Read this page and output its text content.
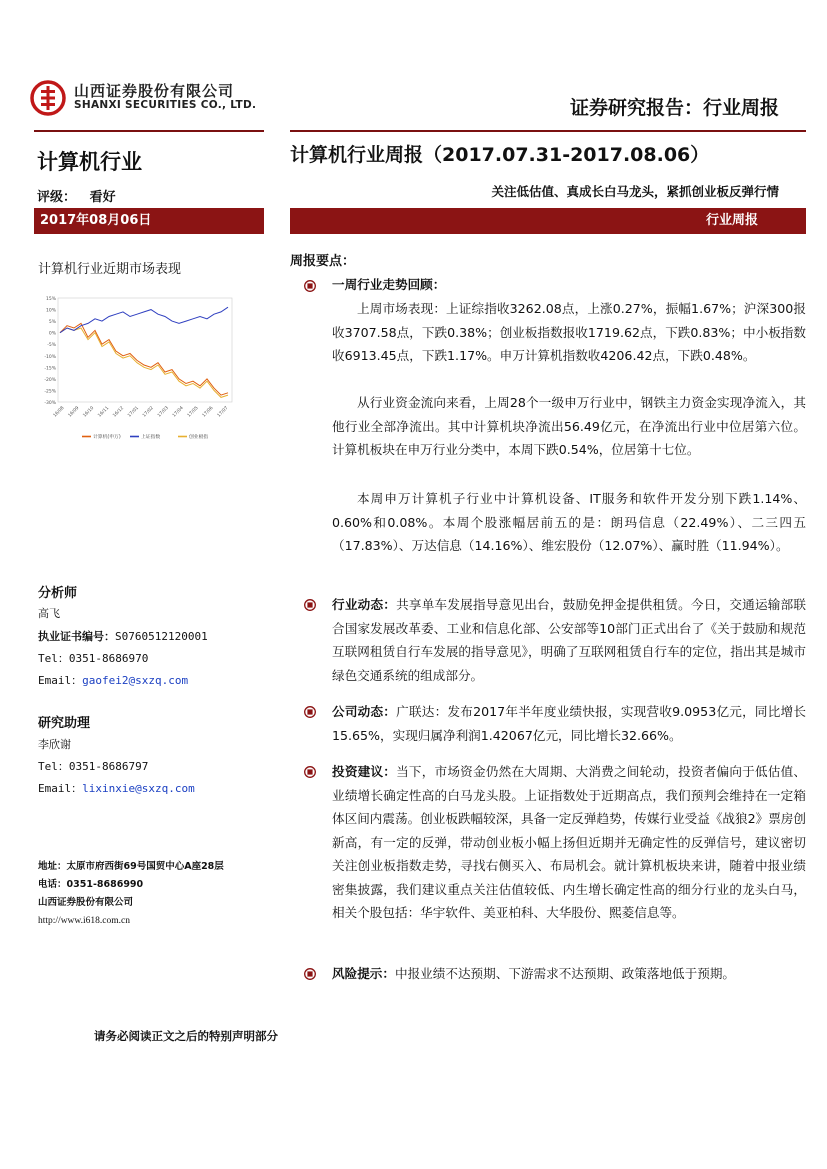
山西证券股份有限公司
SHANXI SECURITIES CO., LTD.	证券研究报告：行业周报
计算机行业
评级： 看好
2017年08月06日
计算机行业近期市场表现
15%
10%
5%
0%
-5%
-10%
-15%
-20%
-25%
-30%
16/08 16/09 16/10 16/11 16/12 17/01 17/02 17/03 17/04 17/05 17/06 17/07
计算机(申万)	上证指数	创业板指
分析师
高飞
执业证书编号：S0760512120001
Tel：0351-8686970
Email：gaofei2@sxzq.com
研究助理
李欣谢
Tel：0351-8686797
Email：lixinxie@sxzq.com
地址：太原市府西街69号国贸中心A座28层
电话：0351-8686990
山西证券股份有限公司
http://www.i618.com.cn
计算机行业周报（2017.07.31-2017.08.06）
关注低估值、真成长白马龙头，紧抓创业板反弹行情
行业周报
周报要点：
一周行业走势回顾：
上周市场表现：上证综指收3262.08点，上涨0.27%，振幅1.67%；沪深300报收3707.58点，下跌0.38%；创业板指数报收1719.62点，下跌0.83%；中小板指数收6913.45点，下跌1.17%。申万计算机指数收4206.42点，下跌0.48%。
从行业资金流向来看，上周28个一级申万行业中，钢铁主力资金实现净流入，其他行业全部净流出。其中计算机块净流出56.49亿元，在净流出行业中位居第六位。计算机板块在申万行业分类中，本周下跌0.54%，位居第十七位。
本周申万计算机子行业中计算机设备、IT服务和软件开发分别下跌1.14%、0.60%和0.08%。本周个股涨幅居前五的是：朗玛信息（22.49%）、二三四五（17.83%）、万达信息（14.16%）、维宏股份（12.07%）、赢时胜（11.94%）。
行业动态：共享单车发展指导意见出台，鼓励免押金提供租赁。今日，交通运输部联合国家发展改革委、工业和信息化部、公安部等10部门正式出台了《关于鼓励和规范互联网租赁自行车发展的指导意见》，明确了互联网租赁自行车的定位，指出其是城市绿色交通系统的组成部分。
公司动态：广联达：发布2017年半年度业绩快报，实现营收9.0953亿元，同比增长15.65%，实现归属净利润1.42067亿元，同比增长32.66%。
投资建议：当下，市场资金仍然在大周期、大消费之间轮动，投资者偏向于低估值、业绩增长确定性高的白马龙头股。上证指数处于近期高点，我们预判会维持在一定箱体区间内震荡。创业板跌幅较深，具备一定反弹趋势，传媒行业受益《战狼2》票房创新高，有一定的反弹，带动创业板小幅上扬但近期并无确定性的反弹信号，建议密切关注创业板指数走势，寻找右侧买入、布局机会。就计算机板块来讲，随着中报业绩密集披露，我们建议重点关注估值较低、内生增长确定性高的细分行业的龙头白马，相关个股包括：华宇软件、美亚柏科、大华股份、熙菱信息等。
风险提示：中报业绩不达预期、下游需求不达预期、政策落地低于预期。
请务必阅读正文之后的特别声明部分
